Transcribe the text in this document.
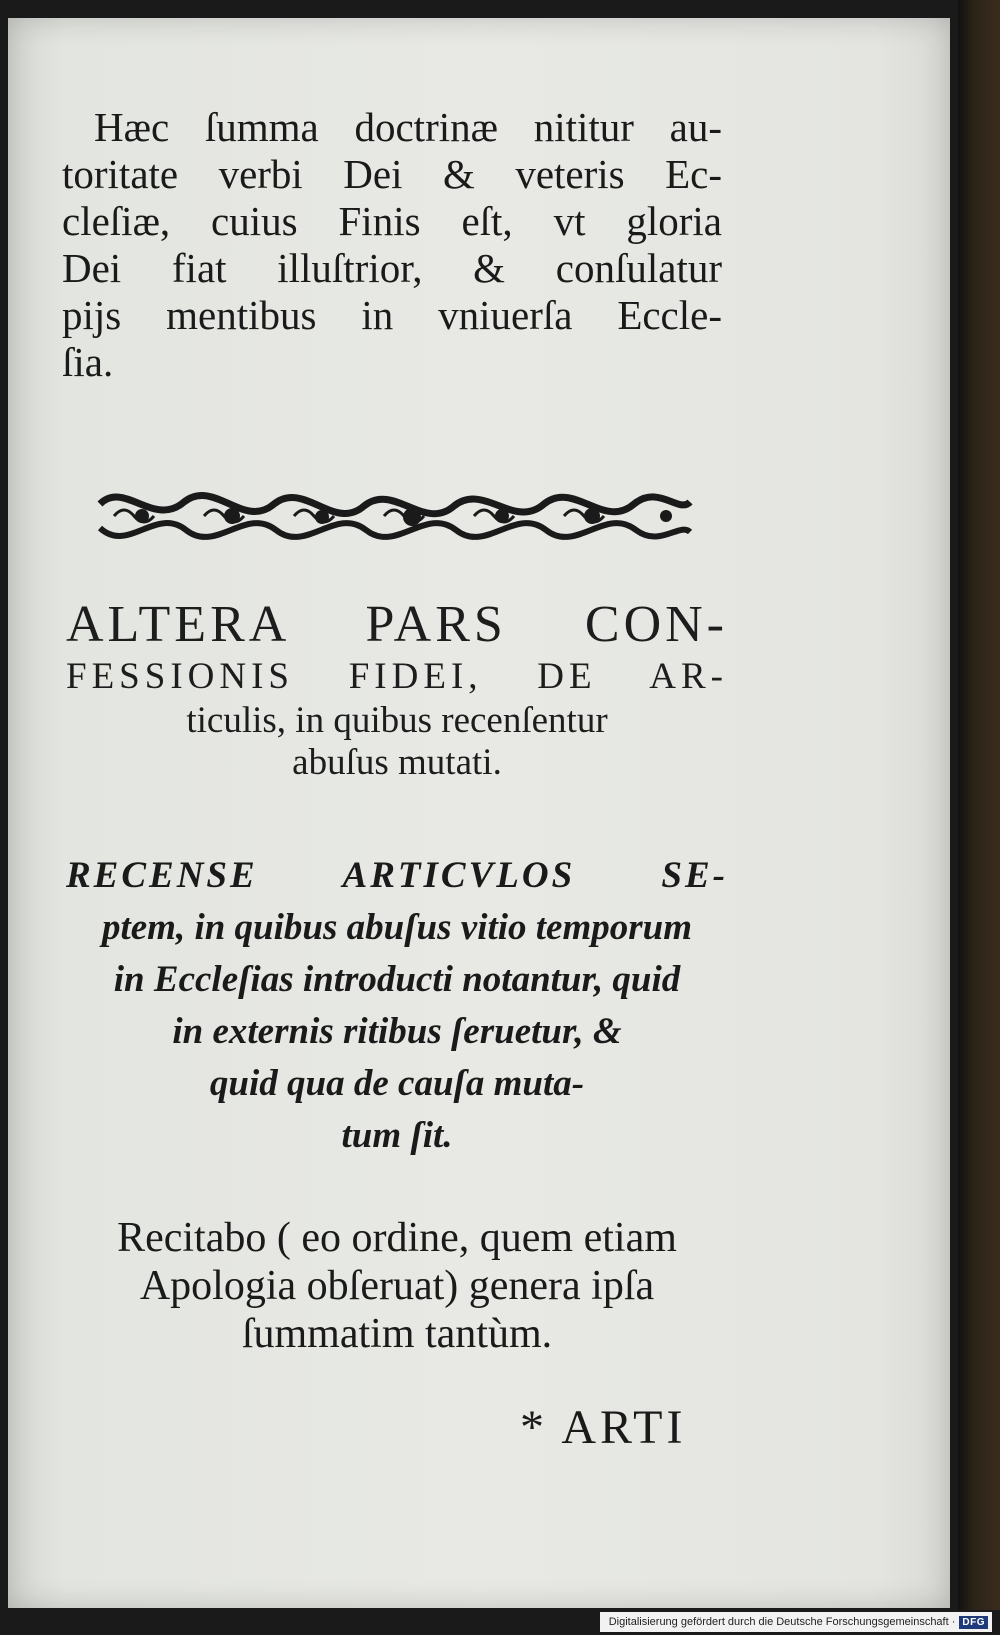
Hæc ſumma doctrinæ nititur au-
toritate verbi Dei & veteris Ec-
cleſiæ, cuius Finis eſt, vt gloria
Dei fiat illuſtrior, & conſulatur
pijs mentibus in vniuerſa Eccle-
ſia.
ALTERA PARS CON-
FESSIONIS FIDEI, DE AR-
ticulis, in quibus recenſentur
abuſus mutati.
RECENSE ARTICVLOS SE-
ptem, in quibus abuſus vitio temporum
in Eccleſias introducti notantur, quid
in externis ritibus ſeruetur, &
quid qua de cauſa muta-
tum ſit.
Recitabo ( eo ordine, quem etiam
Apologia obſeruat) genera ipſa
ſummatim tantùm.
* ARTI
Digitalisierung gefördert durch die Deutsche Forschungsgemeinschaft · DFG
